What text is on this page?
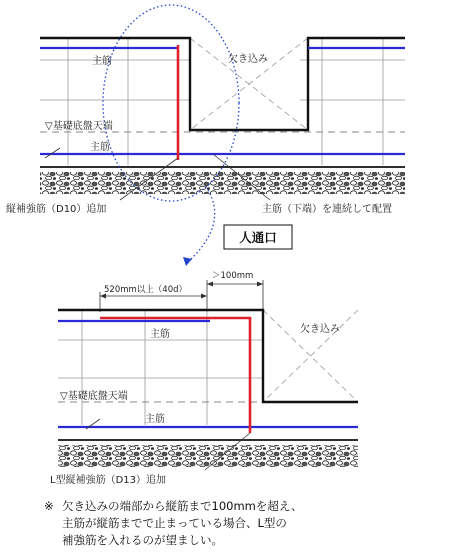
主筋	欠き込み
▽基礎底盤天端
主筋
縦補強筋（D10）追加	主筋（下端）を連続して配置
人通口
520mm以上（40d）
＞100mm
主筋	欠き込み
▽基礎底盤天端
主筋
L型縦補強筋（D13）追加
※ 欠き込みの端部から縦筋まで100mmを超え、
主筋が縦筋までで止まっている場合、L型の
補強筋を入れるのが望ましい。
